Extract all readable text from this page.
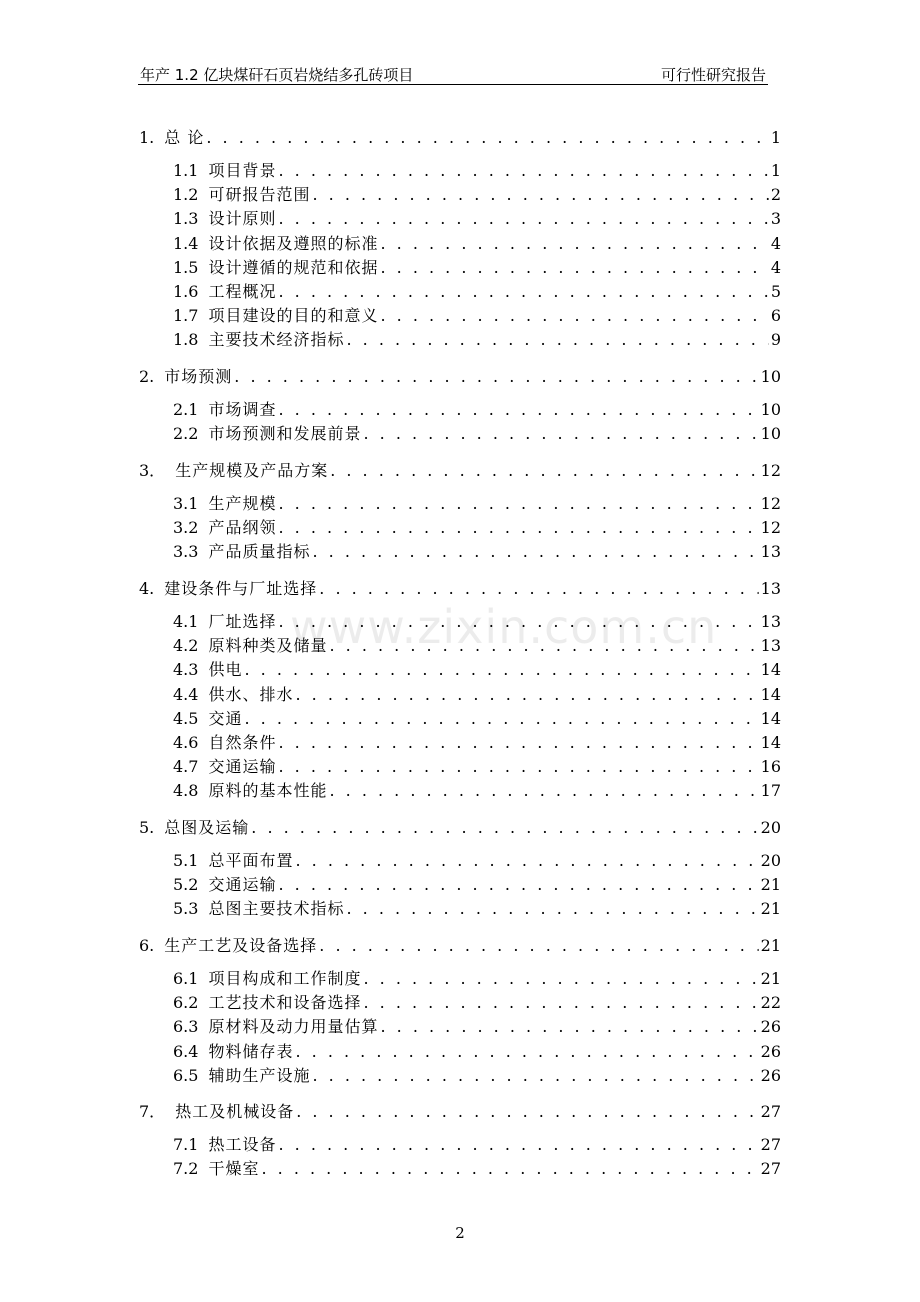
年产 1.2 亿块煤矸石页岩烧结多孔砖项目	可行性研究报告
www.zixin.com.cn
1. 总 论 . . .	1
1.1 项目背景 . . .	1
1.2 可研报告范围 . . .	2
1.3 设计原则 . . .	3
1.4 设计依据及遵照的标准 . . .	4
1.5 设计遵循的规范和依据 . . .	4
1.6 工程概况 . . .	5
1.7 项目建设的目的和意义 . . .	6
1.8 主要技术经济指标 . . .	9
2. 市场预测 . . .	10
2.1 市场调查 . . .	10
2.2 市场预测和发展前景 . . .	10
3． 生产规模及产品方案 . . .	12
3.1 生产规模 . . .	12
3.2 产品纲领 . . .	12
3.3 产品质量指标 . . .	13
4. 建设条件与厂址选择 . . .	13
4.1 厂址选择 . . .	13
4.2 原料种类及储量 . . .	13
4.3 供电 . . .	14
4.4 供水、排水 . . .	14
4.5 交通 . . .	14
4.6 自然条件 . . .	14
4.7 交通运输 . . .	16
4.8 原料的基本性能 . . .	17
5. 总图及运输 . . .	20
5.1 总平面布置 . . .	20
5.2 交通运输 . . .	21
5.3 总图主要技术指标 . . .	21
6. 生产工艺及设备选择 . . .	21
6.1 项目构成和工作制度 . . .	21
6.2 工艺技术和设备选择 . . .	22
6.3 原材料及动力用量估算 . . .	26
6.4 物料储存表 . . .	26
6.5 辅助生产设施 . . .	26
7． 热工及机械设备 . . .	27
7.1 热工设备 . . .	27
7.2 干燥室 . . .	27
2
